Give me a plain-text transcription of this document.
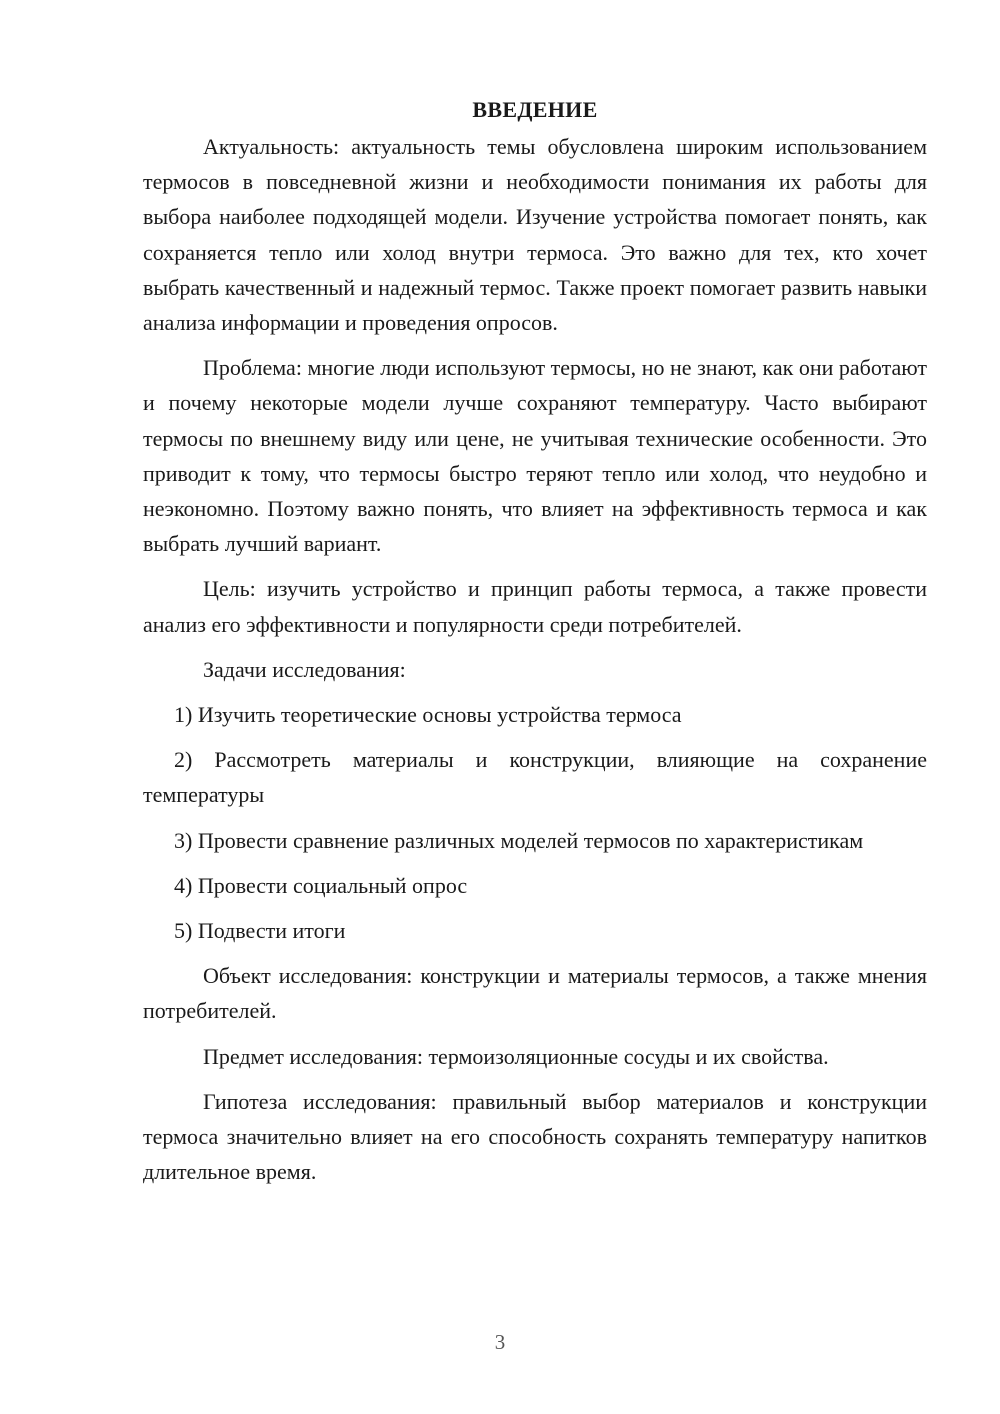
ВВЕДЕНИЕ

Актуальность: актуальность темы обусловлена широким использованием термосов в повседневной жизни и необходимости понимания их работы для выбора наиболее подходящей модели. Изучение устройства помогает понять, как сохраняется тепло или холод внутри термоса. Это важно для тех, кто хочет выбрать качественный и надежный термос. Также проект помогает развить навыки анализа информации и проведения опросов.

Проблема: многие люди используют термосы, но не знают, как они работают и почему некоторые модели лучше сохраняют температуру. Часто выбирают термосы по внешнему виду или цене, не учитывая технические особенности. Это приводит к тому, что термосы быстро теряют тепло или холод, что неудобно и неэкономно. Поэтому важно понять, что влияет на эффективность термоса и как выбрать лучший вариант.

Цель: изучить устройство и принцип работы термоса, а также провести анализ его эффективности и популярности среди потребителей.

Задачи исследования:

1) Изучить теоретические основы устройства термоса

2) Рассмотреть материалы и конструкции, влияющие на сохранение температуры

3) Провести сравнение различных моделей термосов по характеристикам

4) Провести социальный опрос

5) Подвести итоги

Объект исследования: конструкции и материалы термосов, а также мнения потребителей.

Предмет исследования: термоизоляционные сосуды и их свойства.

Гипотеза исследования: правильный выбор материалов и конструкции термоса значительно влияет на его способность сохранять температуру напитков длительное время.

3
